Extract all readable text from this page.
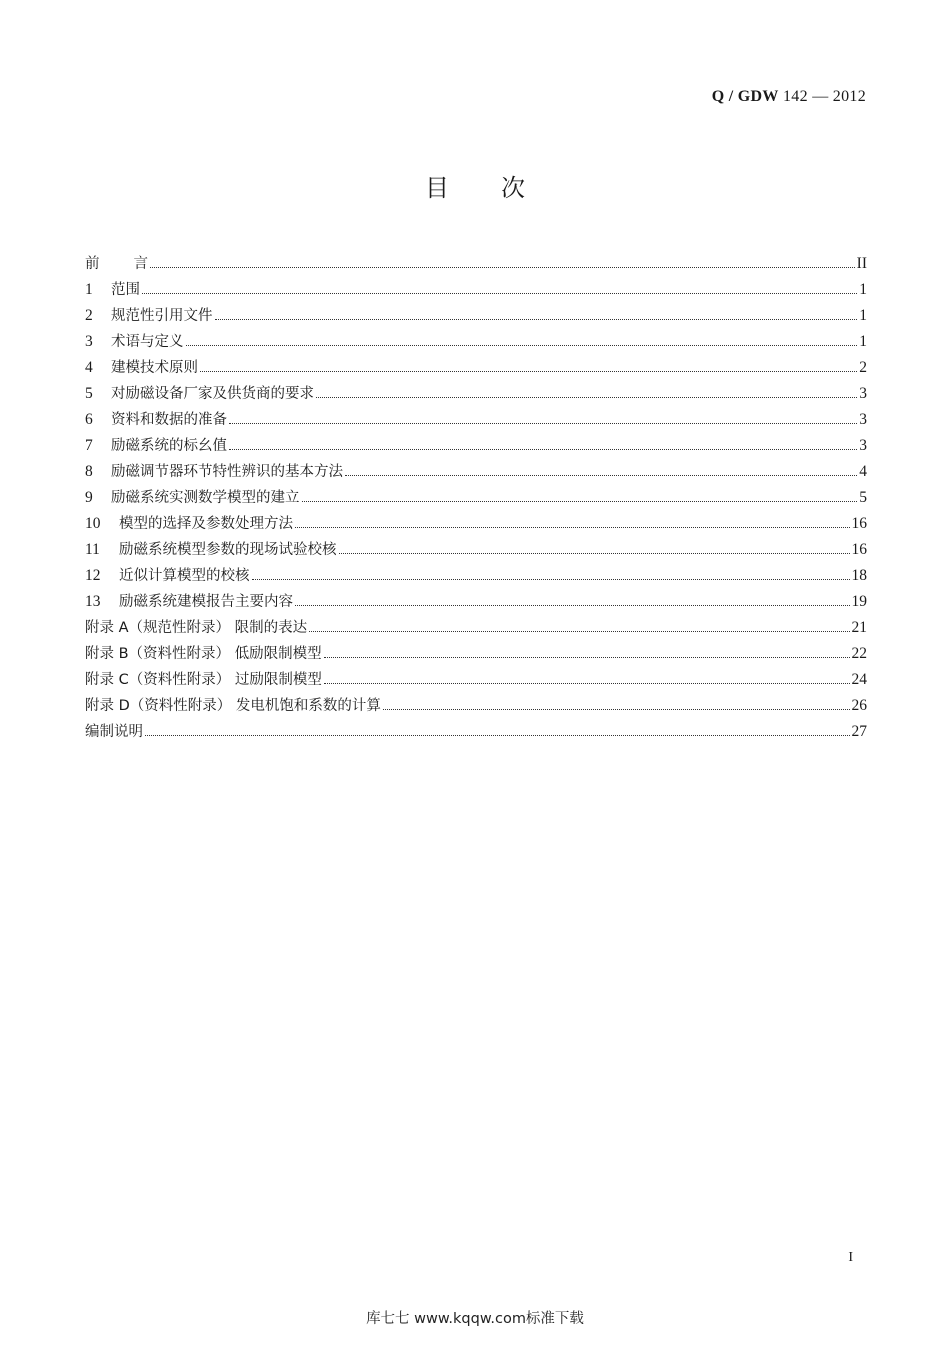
Q / GDW 142 — 2012
目次
前言	II
1	范围	1
2	规范性引用文件	1
3	术语与定义	1
4	建模技术原则	2
5	对励磁设备厂家及供货商的要求	3
6	资料和数据的准备	3
7	励磁系统的标幺值	3
8	励磁调节器环节特性辨识的基本方法	4
9	励磁系统实测数学模型的建立	5
10	模型的选择及参数处理方法	16
11	励磁系统模型参数的现场试验校核	16
12	近似计算模型的校核	18
13	励磁系统建模报告主要内容	19
附录 A（规范性附录） 限制的表达	21
附录 B（资料性附录） 低励限制模型	22
附录 C（资料性附录） 过励限制模型	24
附录 D（资料性附录） 发电机饱和系数的计算	26
编制说明	27
I
库七七 www.kqqw.com标准下载
